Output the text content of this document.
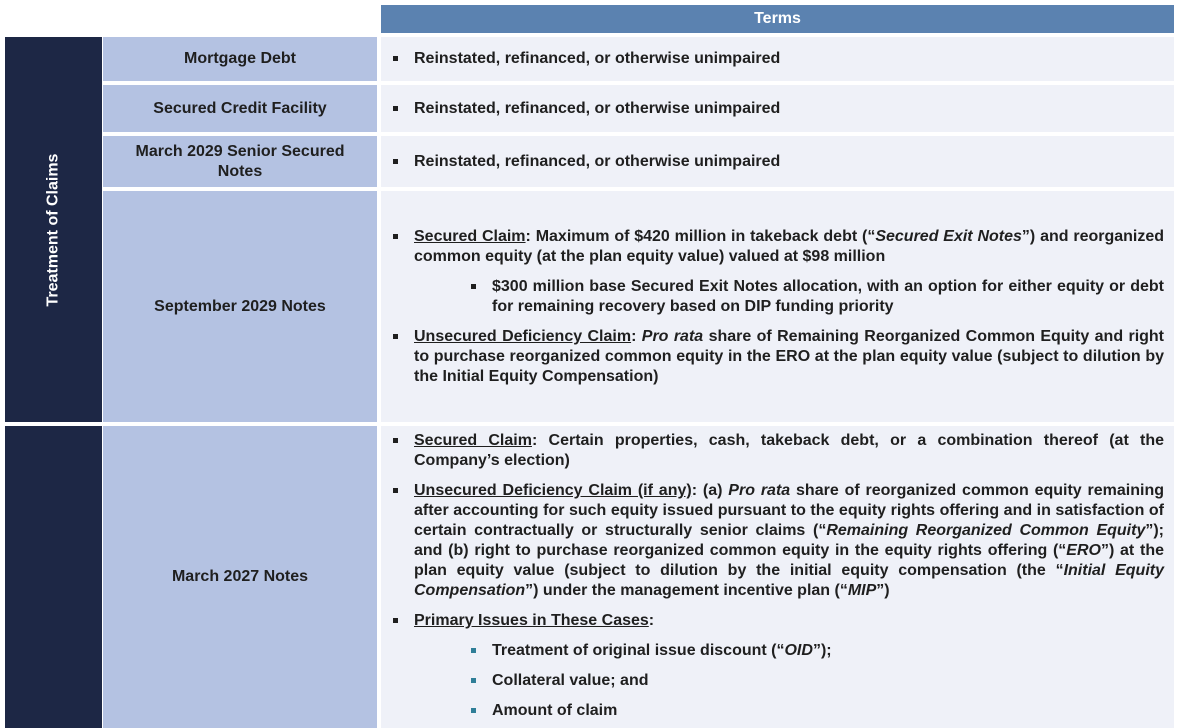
Terms
Treatment of Claims
Mortgage Debt	Reinstated, refinanced, or otherwise unimpaired
Secured Credit Facility	Reinstated, refinanced, or otherwise unimpaired
March 2029 Senior Secured Notes
Reinstated, refinanced, or otherwise unimpaired
September 2029 Notes
Secured Claim: Maximum of $420 million in takeback debt (“Secured Exit Notes”) and reorganized common equity (at the plan equity value) valued at $98 million
$300 million base Secured Exit Notes allocation, with an option for either equity or debt for remaining recovery based on DIP funding priority
Unsecured Deficiency Claim: Pro rata share of Remaining Reorganized Common Equity and right to purchase reorganized common equity in the ERO at the plan equity value (subject to dilution by the Initial Equity Compensation)
March 2027 Notes
Secured Claim: Certain properties, cash, takeback debt, or a combination thereof (at the Company’s election)
Unsecured Deficiency Claim (if any): (a) Pro rata share of reorganized common equity remaining after accounting for such equity issued pursuant to the equity rights offering and in satisfaction of certain contractually or structurally senior claims (“Remaining Reorganized Common Equity”); and (b) right to purchase reorganized common equity in the equity rights offering (“ERO”) at the plan equity value (subject to dilution by the initial equity compensation (the “Initial Equity Compensation”) under the management incentive plan (“MIP”)
Primary Issues in These Cases:
Treatment of original issue discount (“OID”);
Collateral value; and
Amount of claim
